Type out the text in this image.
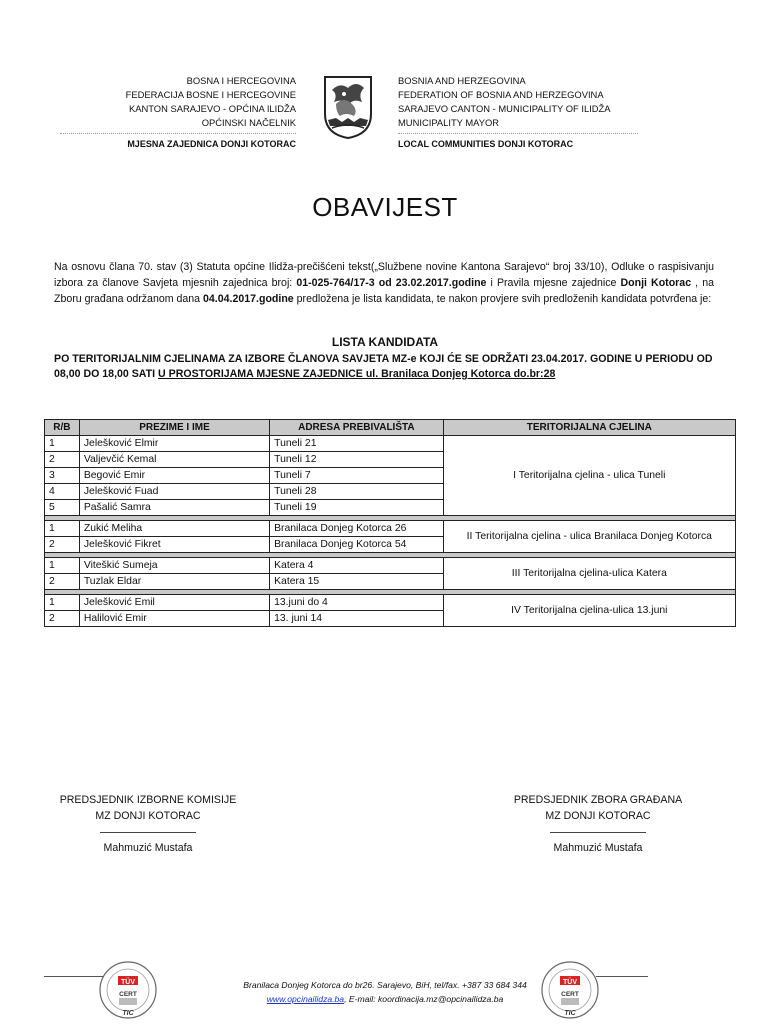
BOSNA I HERCEGOVINA
FEDERACIJA BOSNE I HERCEGOVINE
KANTON SARAJEVO - OPĆINA ILIDŽA
OPĆINSKI NAČELNIK
MJESNA ZAJEDNICA DONJI KOTORAC
BOSNIA AND HERZEGOVINA
FEDERATION OF BOSNIA AND HERZEGOVINA
SARAJEVO CANTON - MUNICIPALITY OF ILIDŽA
MUNICIPALITY MAYOR
LOCAL COMMUNITIES DONJI KOTORAC
OBAVIJEST
Na osnovu člana 70. stav (3) Statuta općine Ilidža-prečišćeni tekst(„Službene novine Kantona Sarajevo“ broj 33/10), Odluke o raspisivanju izbora za članove Savjeta mjesnih zajednica broj: 01-025-764/17-3 od 23.02.2017.godine i Pravila mjesne zajednice Donji Kotorac , na Zboru građana održanom dana 04.04.2017.godine predložena je lista kandidata, te nakon provjere svih predloženih kandidata potvrđena je:
LISTA KANDIDATA
PO TERITORIJALNIM CJELINAMA ZA IZBORE ČLANOVA SAVJETA MZ-e KOJI ĆE SE ODRŽATI 23.04.2017. GODINE U PERIODU OD 08,00 DO 18,00 SATI U PROSTORIJAMA MJESNE ZAJEDNICE ul. Branilaca Donjeg Kotorca do.br:28
R/B	PREZIME I IME	ADRESA PREBIVALIŠTA	TERITORIJALNA CJELINA
1	Jelešković Elmir	Tuneli 21	I Teritorijalna cjelina - ulica Tuneli
2	Valjevčić Kemal	Tuneli 12	
3	Begović Emir	Tuneli 7	
4	Jelešković Fuad	Tuneli 28	
5	Pašalić Samra	Tuneli 19	

1	Zukić Meliha	Branilaca Donjeg Kotorca 26	II Teritorijalna cjelina - ulica Branilaca Donjeg Kotorca
2	Jelešković Fikret	Branilaca Donjeg Kotorca 54	

1	Viteškić Sumeja	Katera 4	III Teritorijalna cjelina-ulica Katera
2	Tuzlak Eldar	Katera 15	

1	Jelešković Emil	13.juni do 4	IV Teritorijalna cjelina-ulica 13.juni
2	Halilović Emir	13. juni 14	
PREDSJEDNIK IZBORNE KOMISIJE
MZ DONJI KOTORAC
Mahmuzić Mustafa
PREDSJEDNIK ZBORA GRAĐANA
MZ DONJI KOTORAC
Mahmuzić Mustafa
TÜV
CERT
TIC
Branilaca Donjeg Kotorca do br26. Sarajevo, BiH, tel/fax. +387 33 684 344
www.opcinailidza.ba, E-mail: koordinacija.mz@opcinailidza.ba
TÜV
CERT
TIC
